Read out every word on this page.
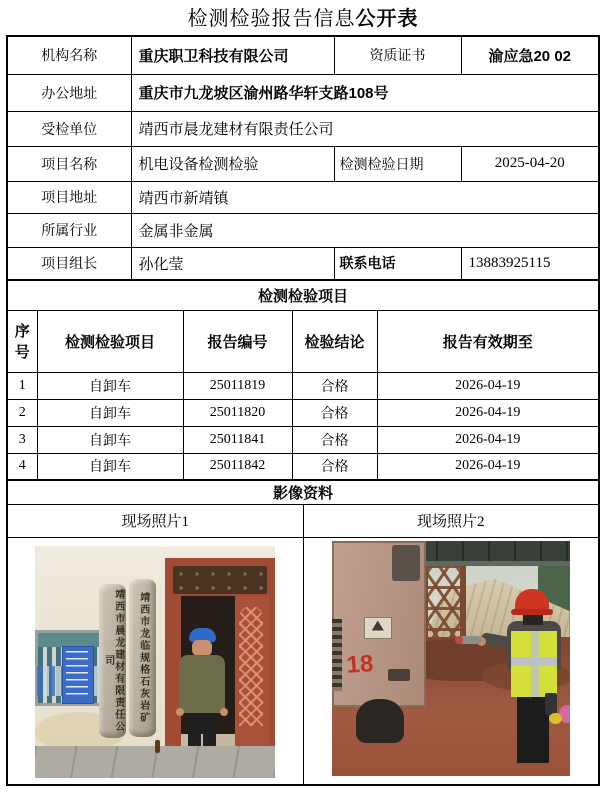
检测检验报告信息公开表
机构名称	重庆职卫科技有限公司	资质证书	渝应急20 02
办公地址	重庆市九龙坡区渝州路华轩支路108号		
受检单位	靖西市晨龙建材有限责任公司		
项目名称	机电设备检测检验	检测检验日期	2025-04-20
项目地址	靖西市新靖镇		
所属行业	金属非金属		
项目组长	孙化莹	联系电话	13883925115
检测检验项目				
序号	检测检验项目	报告编号	检验结论	报告有效期至
1	自卸车	25011819	合格	2026-04-19
2	自卸车	25011820	合格	2026-04-19
3	自卸车	25011841	合格	2026-04-19
4	自卸车	25011842	合格	2026-04-19
影像资料	
现场照片1	现场照片2

靖西市晨龙建材有限责任公司 靖西市龙临规格石灰岩矿	18
